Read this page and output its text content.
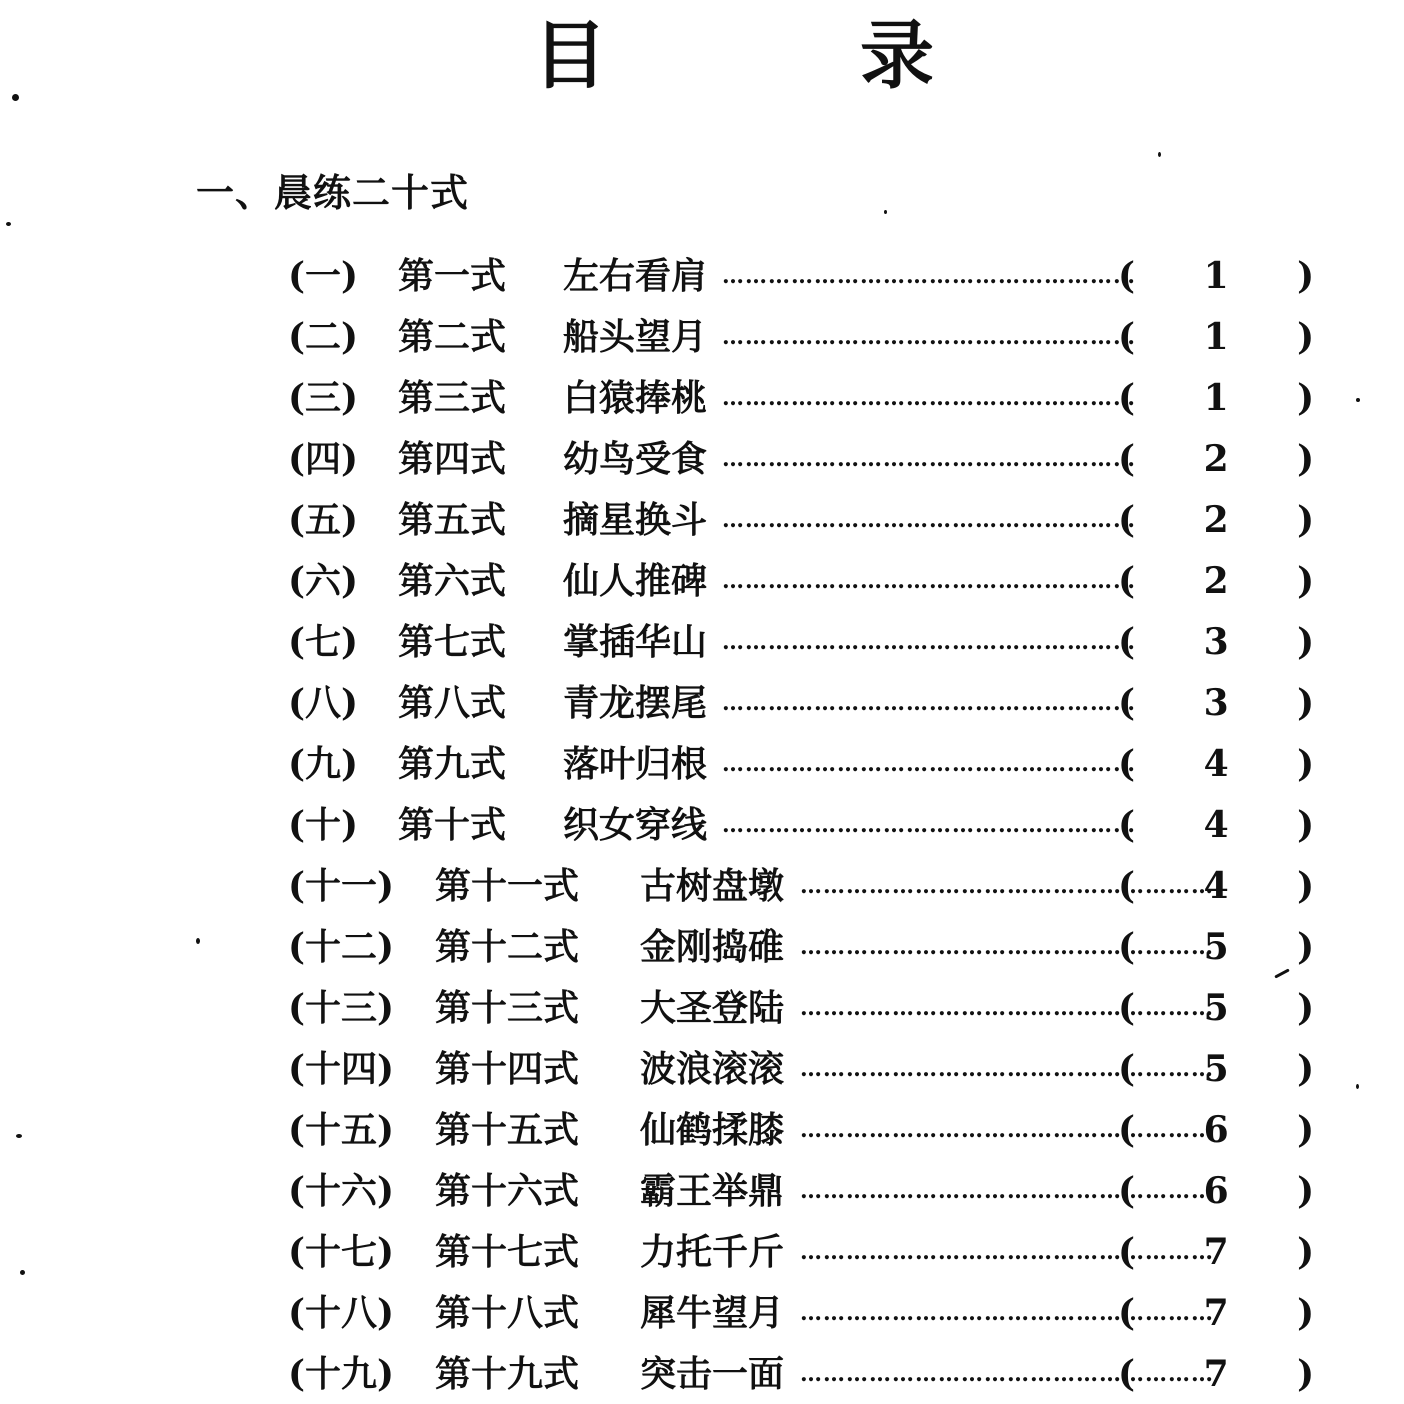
目	录
一、晨练二十式
(一) 第一式 左右看肩 ………………………………………………
( 1 )
(二) 第二式 船头望月 ………………………………………………
( 1 )
(三) 第三式 白猿捧桃 ………………………………………………
( 1 )
(四) 第四式 幼鸟受食 ………………………………………………
( 2 )
(五) 第五式 摘星换斗 ………………………………………………
( 2 )
(六) 第六式 仙人推碑 ………………………………………………
( 2 )
(七) 第七式 掌插华山 ………………………………………………
( 3 )
(八) 第八式 青龙摆尾 ………………………………………………
( 3 )
(九) 第九式 落叶归根 ………………………………………………
( 4 )
(十) 第十式 织女穿线 ………………………………………………
( 4 )
(十一) 第十一式 古树盘墩 ………………………………………………
( 4 )
(十二) 第十二式 金刚捣碓 ………………………………………………
( 5 )
(十三) 第十三式 大圣登陆 ………………………………………………
( 5 )
(十四) 第十四式 波浪滚滚 ………………………………………………
( 5 )
(十五) 第十五式 仙鹤揉膝 ………………………………………………
( 6 )
(十六) 第十六式 霸王举鼎 ………………………………………………
( 6 )
(十七) 第十七式 力托千斤 ………………………………………………
( 7 )
(十八) 第十八式 犀牛望月 ………………………………………………
( 7 )
(十九) 第十九式 突击一面 ………………………………………………
( 7 )
